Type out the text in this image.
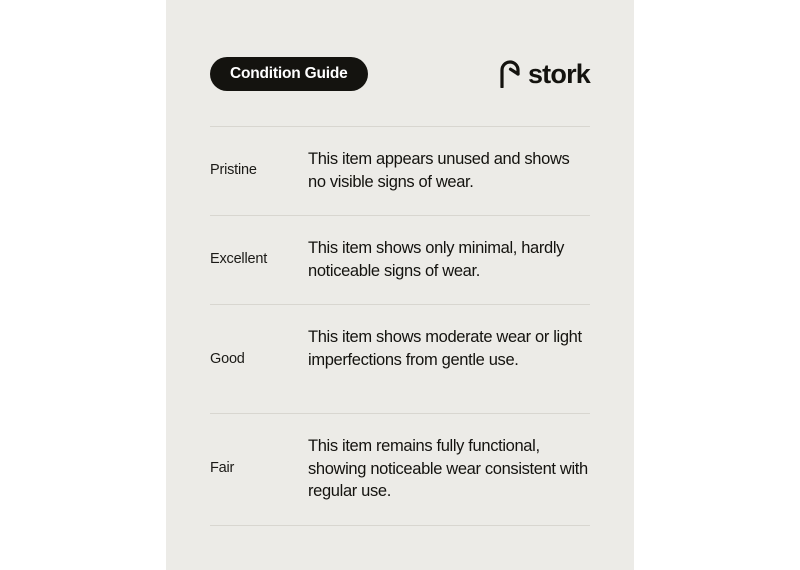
Condition Guide	stork
Pristine
This item appears unused and shows no visible signs of wear.
Excellent
This item shows only minimal, hardly noticeable signs of wear.
Good
This item shows moderate wear or light imperfections from gentle use.
Fair
This item remains fully functional, showing noticeable wear consistent with regular use.
